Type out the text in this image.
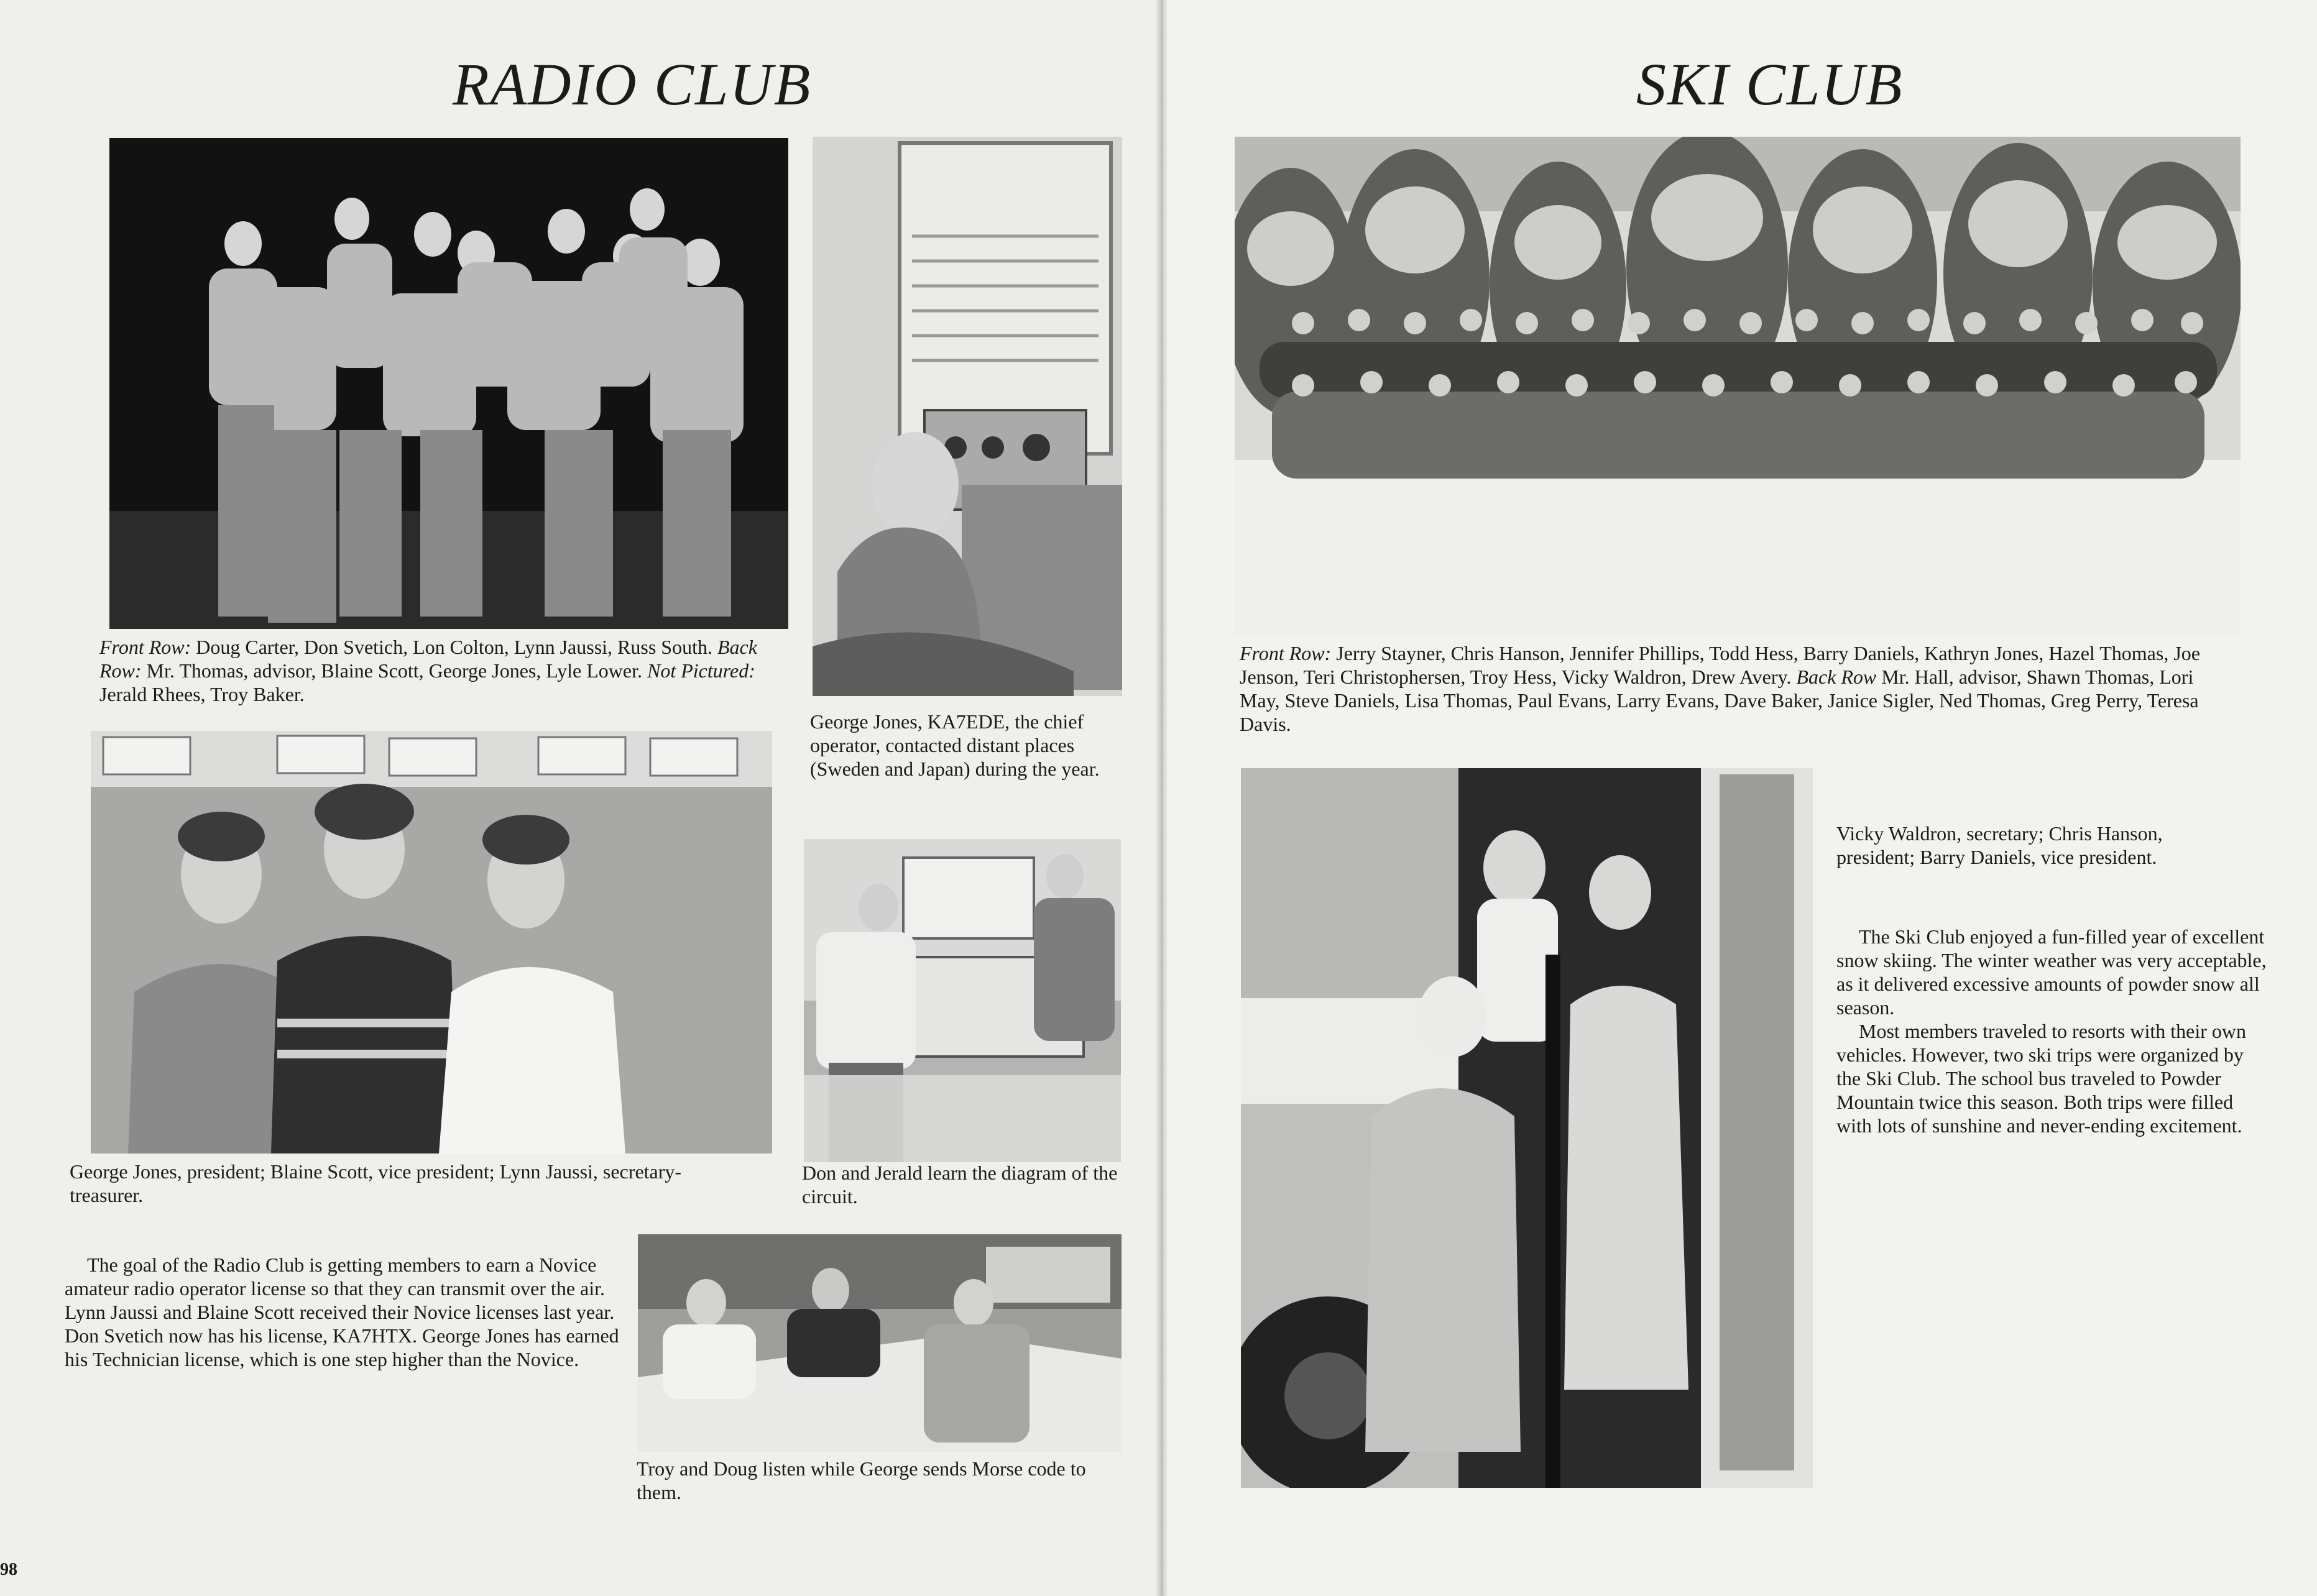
RADIO CLUB
Front Row: Doug Carter, Don Svetich, Lon Colton, Lynn Jaussi, Russ South. Back Row: Mr. Thomas, advisor, Blaine Scott, George Jones, Lyle Lower. Not Pictured: Jerald Rhees, Troy Baker.
George Jones, KA7EDE, the chief operator, contacted distant places (Sweden and Japan) during the year.
George Jones, president; Blaine Scott, vice president; Lynn Jaussi, secretary-treasurer.
Don and Jerald learn the diagram of the circuit.

The goal of the Radio Club is getting members to earn a Novice amateur radio operator license so that they can transmit over the air. Lynn Jaussi and Blaine Scott received their Novice licenses last year. Don Svetich now has his license, KA7HTX. George Jones has earned his Technician license, which is one step higher than the Novice.

Troy and Doug listen while George sends Morse code to them.
98
SKI CLUB
Front Row: Jerry Stayner, Chris Hanson, Jennifer Phillips, Todd Hess, Barry Daniels, Kathryn Jones, Hazel Thomas, Joe Jenson, Teri Christophersen, Troy Hess, Vicky Waldron, Drew Avery. Back Row Mr. Hall, advisor, Shawn Thomas, Lori May, Steve Daniels, Lisa Thomas, Paul Evans, Larry Evans, Dave Baker, Janice Sigler, Ned Thomas, Greg Perry, Teresa Davis.
Vicky Waldron, secretary; Chris Hanson, president; Barry Daniels, vice president.

The Ski Club enjoyed a fun-filled year of excellent snow skiing. The winter weather was very acceptable, as it delivered excessive amounts of powder snow all season.

Most members traveled to resorts with their own vehicles. However, two ski trips were organized by the Ski Club. The school bus traveled to Powder Mountain twice this season. Both trips were filled with lots of sunshine and never-ending excitement.
